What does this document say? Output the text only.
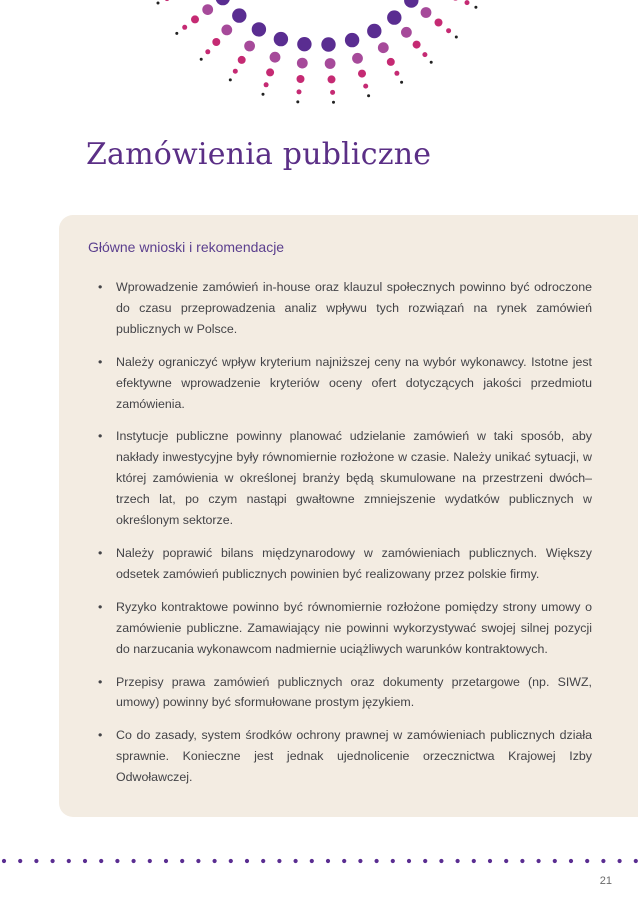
Zamówienia publiczne
Główne wnioski i rekomendacje
• Wprowadzenie zamówień in-house oraz klauzul społecznych powinno być odroczone do czasu przeprowadzenia analiz wpływu tych rozwiązań na rynek zamówień publicznych w Polsce.
• Należy ograniczyć wpływ kryterium najniższej ceny na wybór wykonawcy. Istotne jest efektywne wprowadzenie kryteriów oceny ofert dotyczących jakości przedmiotu zamówienia.
• Instytucje publiczne powinny planować udzielanie zamówień w taki sposób, aby nakłady inwestycyjne były równomiernie rozłożone w czasie. Należy unikać sytuacji, w której zamówienia w określonej branży będą skumulowane na przestrzeni dwóch–trzech lat, po czym nastąpi gwałtowne zmniejszenie wydatków publicznych w określonym sektorze.
• Należy poprawić bilans międzynarodowy w zamówieniach publicznych. Większy odsetek zamówień publicznych powinien być realizowany przez polskie firmy.
• Ryzyko kontraktowe powinno być równomiernie rozłożone pomiędzy strony umowy o zamówienie publiczne. Zamawiający nie powinni wykorzystywać swojej silnej pozycji do narzucania wykonawcom nadmiernie uciążliwych warunków kontraktowych.
• Przepisy prawa zamówień publicznych oraz dokumenty przetargowe (np. SIWZ, umowy) powinny być sformułowane prostym językiem.
• Co do zasady, system środków ochrony prawnej w zamówieniach publicznych działa sprawnie. Konieczne jest jednak ujednolicenie orzecznictwa Krajowej Izby Odwoławczej.
21
